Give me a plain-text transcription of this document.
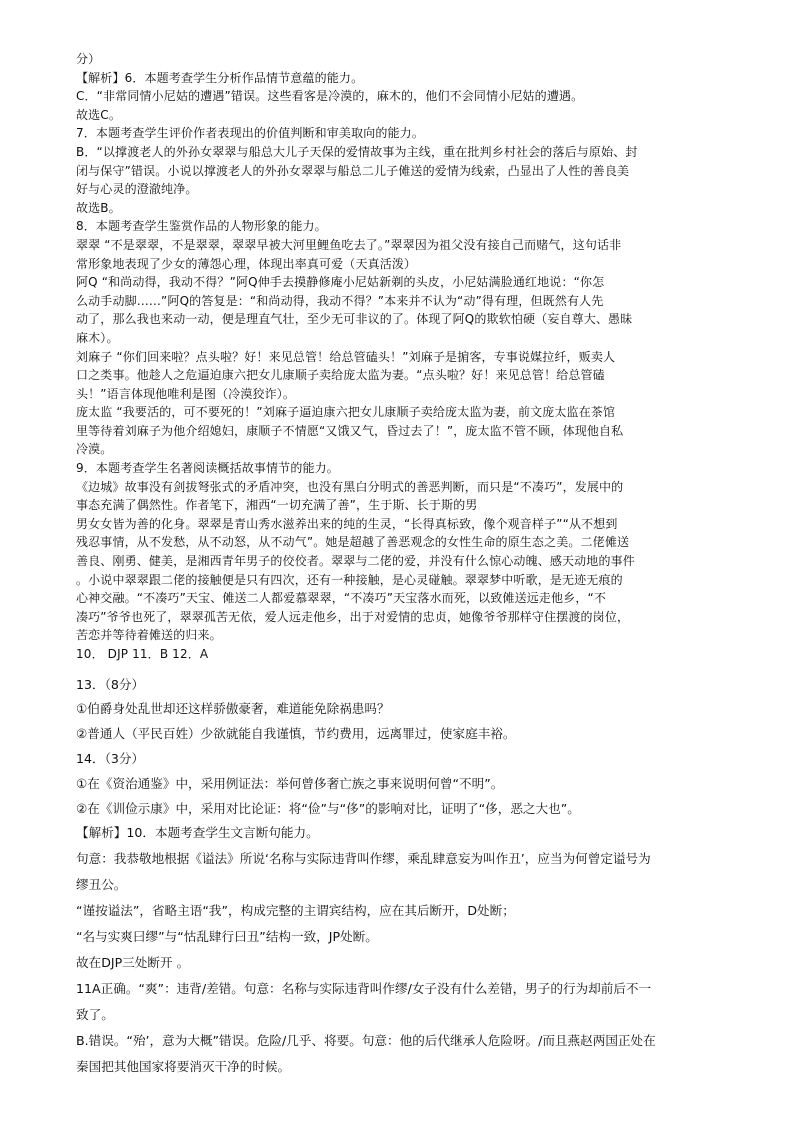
分）

【解析】6．本题考查学生分析作品情节意蕴的能力。

C．“非常同情小尼姑的遭遇”错误。这些看客是冷漠的，麻木的，他们不会同情小尼姑的遭遇。

故选C。

7．本题考查学生评价作者表现出的价值判断和审美取向的能力。

B．“以撑渡老人的外孙女翠翠与船总大儿子天保的爱情故事为主线，重在批判乡村社会的落后与原始、封

闭与保守”错误。小说以撑渡老人的外孙女翠翠与船总二儿子傩送的爱情为线索，凸显出了人性的善良美

好与心灵的澄澈纯净。

故选B。

8．本题考查学生鉴赏作品的人物形象的能力。

翠翠 “不是翠翠，不是翠翠，翠翠早被大河里鲤鱼吃去了。”翠翠因为祖父没有接自己而赌气，这句话非

常形象地表现了少女的薄怨心理，体现出率真可爱（天真活泼）

阿Q “和尚动得，我动不得？”阿Q伸手去摸静修庵小尼姑新剃的头皮，小尼姑满脸通红地说：“你怎

么动手动脚……”阿Q的答复是：“和尚动得，我动不得？”本来并不认为“动”得有理，但既然有人先

动了，那么我也来动一动，便是理直气壮，至少无可非议的了。体现了阿Q的欺软怕硬（妄自尊大、愚昧

麻木）。

刘麻子 “你们回来啦？点头啦？好！来见总管！给总管磕头！”刘麻子是掮客，专事说媒拉纤，贩卖人

口之类事。他趁人之危逼迫康六把女儿康顺子卖给庞太监为妻。“点头啦？好！来见总管！给总管磕

头！”语言体现他唯利是图（冷漠狡诈）。

庞太监 “我要活的，可不要死的！”刘麻子逼迫康六把女儿康顺子卖给庞太监为妻，前文庞太监在茶馆

里等待着刘麻子为他介绍媳妇，康顺子不情愿“又饿又气，昏过去了！”，庞太监不管不顾，体现他自私

冷漠。

9．本题考查学生名著阅读概括故事情节的能力。

《边城》故事没有剑拔弩张式的矛盾冲突，也没有黑白分明式的善恶判断，而只是“不凑巧”，发展中的

事态充满了偶然性。作者笔下，湘西“一切充满了善”，生于斯、长于斯的男

男女女皆为善的化身。翠翠是青山秀水滋养出来的纯的生灵，“长得真标致，像个观音样子”“从不想到

残忍事情，从不发愁，从不动怒，从不动气”。她是超越了善恶观念的女性生命的原生态之美。二佬傩送

善良、刚勇、健美，是湘西青年男子的佼佼者。翠翠与二佬的爱，并没有什么惊心动魄、感天动地的事件

。小说中翠翠跟二佬的接触便是只有四次，还有一种接触，是心灵碰触。翠翠梦中听歌，是无迹无痕的

心神交融。“不凑巧”天宝、傩送二人都爱慕翠翠，“不凑巧”天宝落水而死，以致傩送远走他乡，“不

凑巧”爷爷也死了，翠翠孤苦无依，爱人远走他乡，出于对爱情的忠贞，她像爷爷那样守住摆渡的岗位，

苦恋并等待着傩送的归来。

10． DJP 11．B 12．A

13．（8分）

①伯爵身处乱世却还这样骄傲豪奢，难道能免除祸患吗？

②普通人（平民百姓）少欲就能自我谨慎，节约费用，远离罪过，使家庭丰裕。

14．（3分）

①在《资治通鉴》中，采用例证法：举何曾侈奢亡族之事来说明何曾“不明”。

②在《训俭示康》中，采用对比论证：将“俭”与“侈”的影响对比，证明了“侈，恶之大也”。

【解析】10．本题考查学生文言断句能力。

句意：我恭敬地根据《谥法》所说‘名称与实际违背叫作缪，乘乱肆意妄为叫作丑’，应当为何曾定谥号为

缪丑公。

“谨按谥法”，省略主语“我”，构成完整的主谓宾结构，应在其后断开，D处断；

“名与实爽曰缪”与“怙乱肆行曰丑”结构一致，JP处断。

故在DJP三处断开 。

11A正确。“爽”：违背/差错。句意：名称与实际违背叫作缪/女子没有什么差错，男子的行为却前后不一

致了。

B.错误。“殆’，意为大概”错误。危险/几乎、将要。句意：他的后代继承人危险呀。/而且燕赵两国正处在

秦国把其他国家将要消灭干净的时候。
